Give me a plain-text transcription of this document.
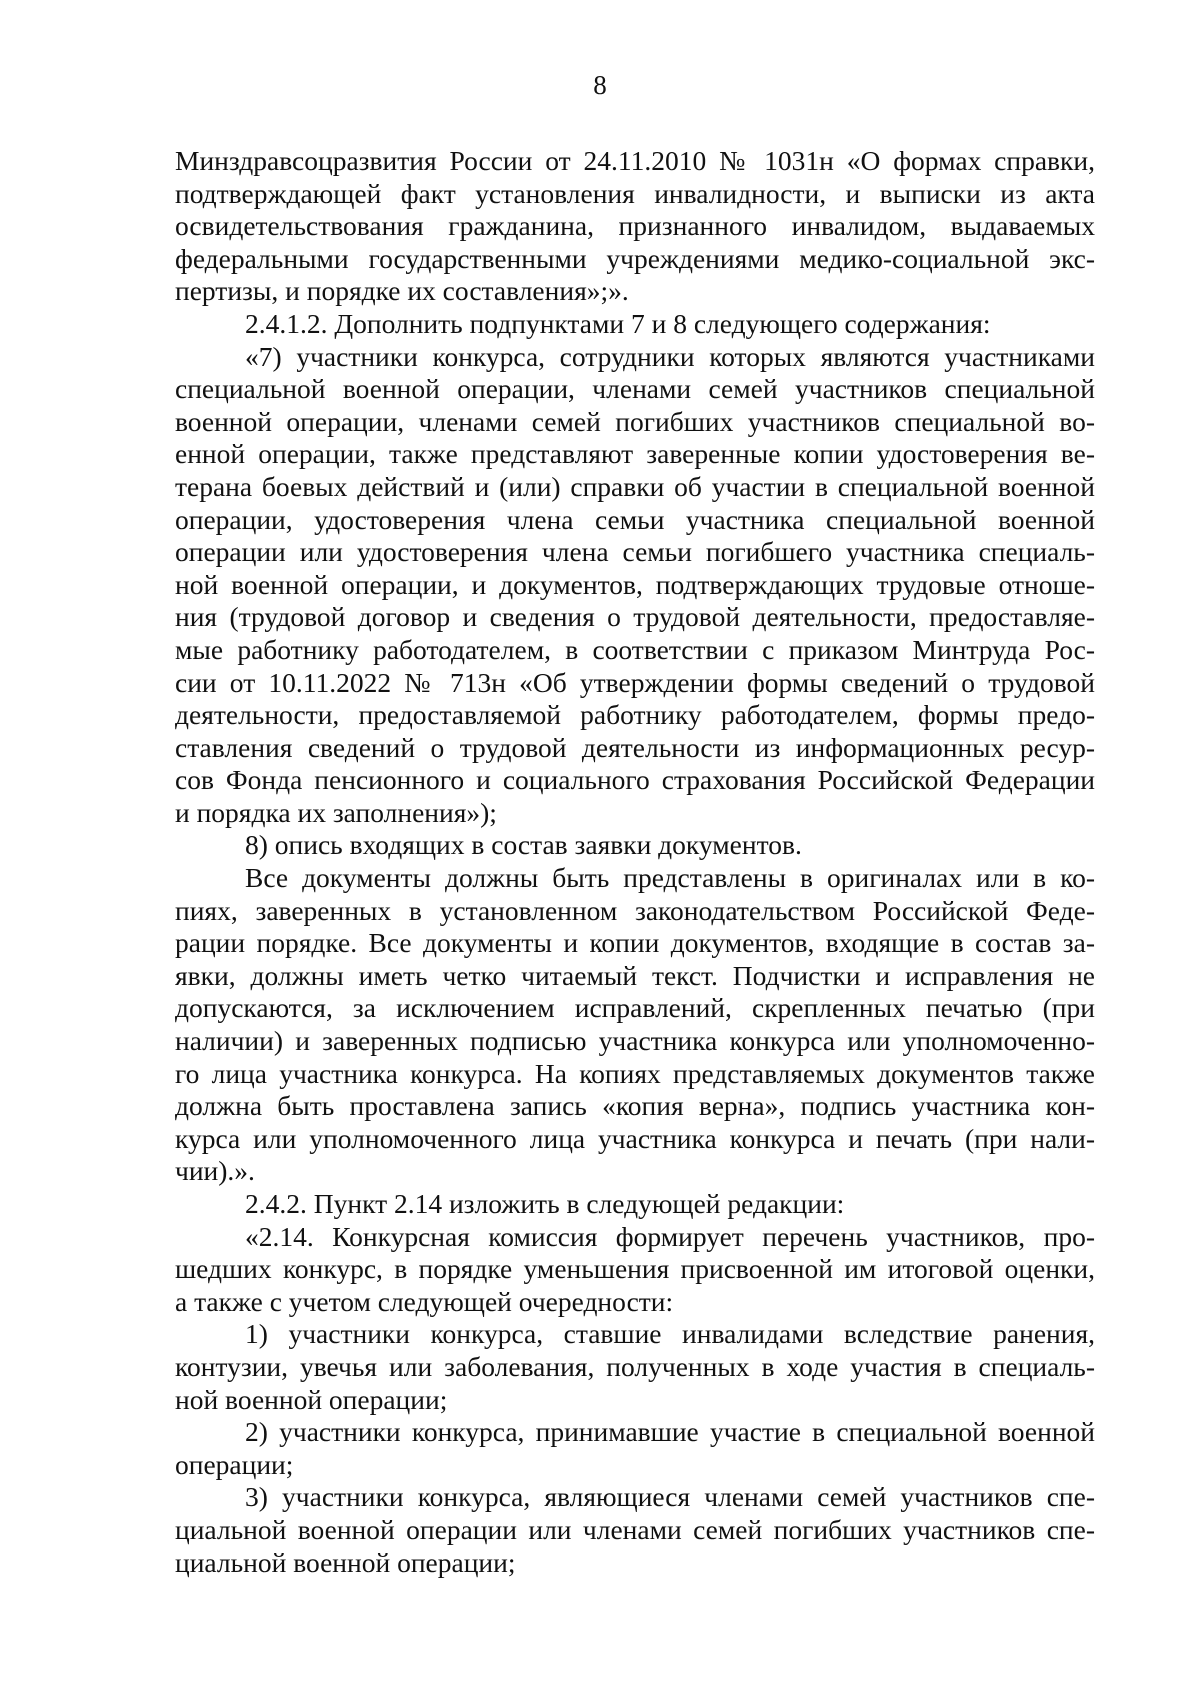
8
Минздравсоцразвития России от 24.11.2010 № 1031н «О формах справки,
подтверждающей факт установления инвалидности, и выписки из акта
освидетельствования гражданина, признанного инвалидом, выдаваемых
федеральными государственными учреждениями медико-социальной экс-
пертизы, и порядке их составления»;».
2.4.1.2. Дополнить подпунктами 7 и 8 следующего содержания:
«7) участники конкурса, сотрудники которых являются участниками
специальной военной операции, членами семей участников специальной
военной операции, членами семей погибших участников специальной во-
енной операции, также представляют заверенные копии удостоверения ве-
терана боевых действий и (или) справки об участии в специальной военной
операции, удостоверения члена семьи участника специальной военной
операции или удостоверения члена семьи погибшего участника специаль-
ной военной операции, и документов, подтверждающих трудовые отноше-
ния (трудовой договор и сведения о трудовой деятельности, предоставляе-
мые работнику работодателем, в соответствии с приказом Минтруда Рос-
сии от 10.11.2022 № 713н «Об утверждении формы сведений о трудовой
деятельности, предоставляемой работнику работодателем, формы предо-
ставления сведений о трудовой деятельности из информационных ресур-
сов Фонда пенсионного и социального страхования Российской Федерации
и порядка их заполнения»);
8) опись входящих в состав заявки документов.
Все документы должны быть представлены в оригиналах или в ко-
пиях, заверенных в установленном законодательством Российской Феде-
рации порядке. Все документы и копии документов, входящие в состав за-
явки, должны иметь четко читаемый текст. Подчистки и исправления не
допускаются, за исключением исправлений, скрепленных печатью (при
наличии) и заверенных подписью участника конкурса или уполномоченно-
го лица участника конкурса. На копиях представляемых документов также
должна быть проставлена запись «копия верна», подпись участника кон-
курса или уполномоченного лица участника конкурса и печать (при нали-
чии).».
2.4.2. Пункт 2.14 изложить в следующей редакции:
«2.14. Конкурсная комиссия формирует перечень участников, про-
шедших конкурс, в порядке уменьшения присвоенной им итоговой оценки,
а также с учетом следующей очередности:
1) участники конкурса, ставшие инвалидами вследствие ранения,
контузии, увечья или заболевания, полученных в ходе участия в специаль-
ной военной операции;
2) участники конкурса, принимавшие участие в специальной военной
операции;
3) участники конкурса, являющиеся членами семей участников спе-
циальной военной операции или членами семей погибших участников спе-
циальной военной операции;
